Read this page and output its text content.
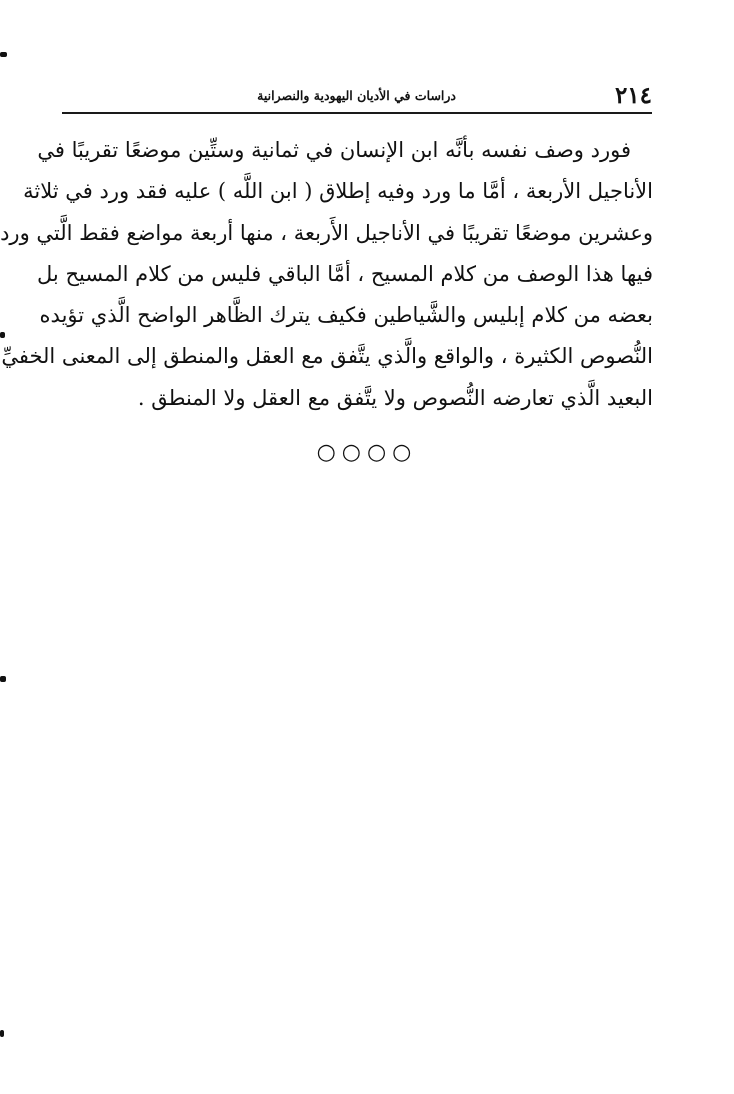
٢١٤
دراسات في الأديان اليهودية والنصرانية
فورد وصف نفسه بأنَّه ابن الإنسان في ثمانية وستِّين موضعًا تقريبًا في
الأناجيل الأربعة ، أمَّا ما ورد وفيه إطلاق ( ابن اللَّه ) عليه فقد ورد في ثلاثة
وعشرين موضعًا تقريبًا في الأناجيل الأَربعة ، منها أربعة مواضع فقط الَّتي ورد
فيها هذا الوصف من كلام المسيح ، أمَّا الباقي فليس من كلام المسيح بل
بعضه من كلام إبليس والشَّياطين فكيف يترك الظَّاهر الواضح الَّذي تؤيده
النُّصوص الكثيرة ، والواقع والَّذي يتَّفق مع العقل والمنطق إلى المعنى الخفيِّ
البعيد الَّذي تعارضه النُّصوص ولا يتَّفق مع العقل ولا المنطق .
○○○○
